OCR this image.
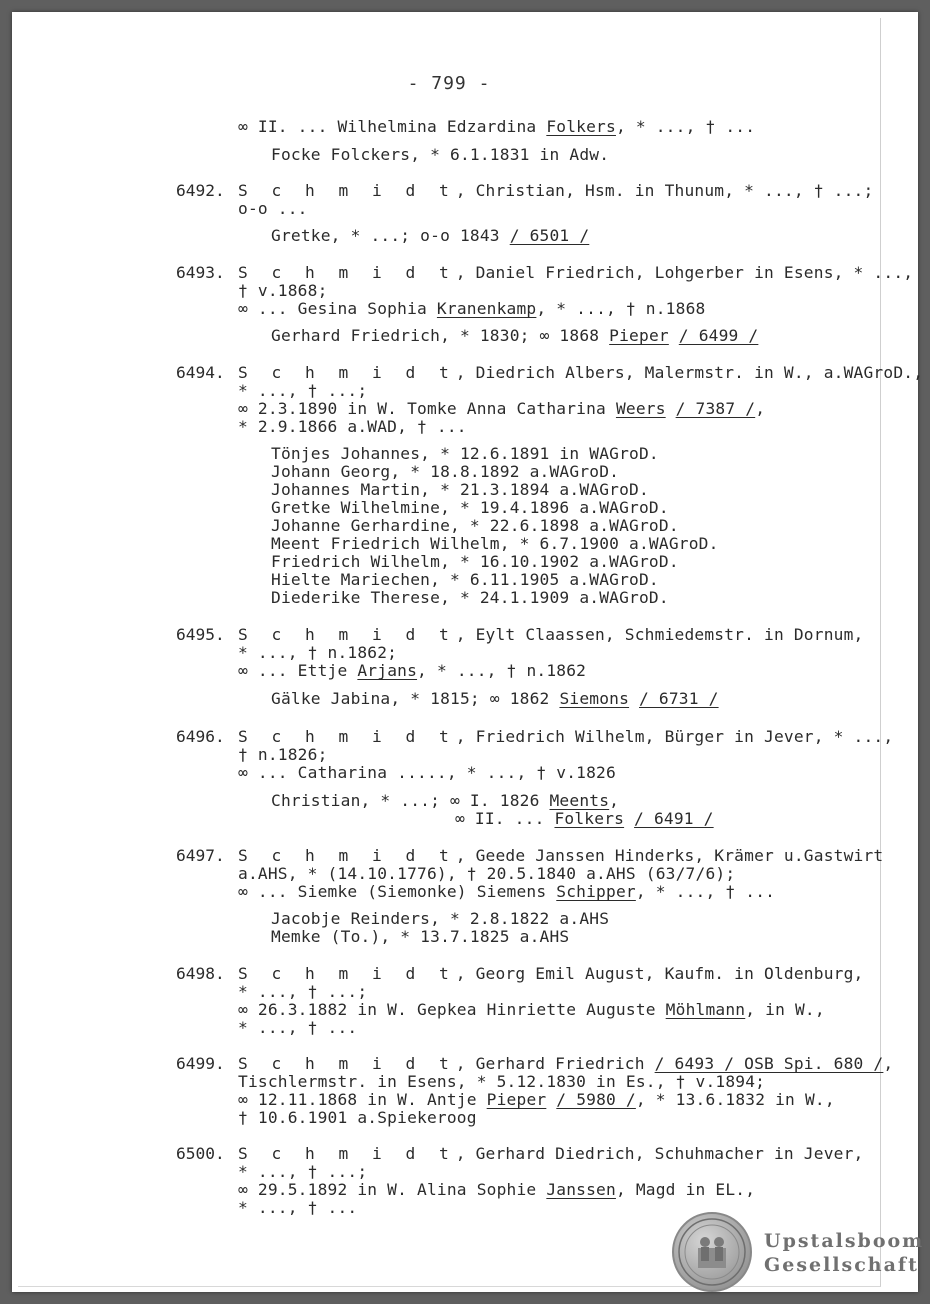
- 799 -
∞ II. ... Wilhelmina Edzardina Folkers, * ..., † ...
Focke Folckers, * 6.1.1831 in Adw.
6492. S c h m i d t, Christian, Hsm. in Thunum, * ..., † ...;
o-o ...
Gretke, * ...; o-o 1843 / 6501 /
6493. S c h m i d t, Daniel Friedrich, Lohgerber in Esens, * ...,
† v.1868;
∞ ... Gesina Sophia Kranenkamp, * ..., † n.1868
Gerhard Friedrich, * 1830; ∞ 1868 Pieper / 6499 /
6494. S c h m i d t, Diedrich Albers, Malermstr. in W., a.WAGroD.,
* ..., † ...;
∞ 2.3.1890 in W. Tomke Anna Catharina Weers / 7387 /,
* 2.9.1866 a.WAD, † ...
Tönjes Johannes, * 12.6.1891 in WAGroD.
Johann Georg, * 18.8.1892 a.WAGroD.
Johannes Martin, * 21.3.1894 a.WAGroD.
Gretke Wilhelmine, * 19.4.1896 a.WAGroD.
Johanne Gerhardine, * 22.6.1898 a.WAGroD.
Meent Friedrich Wilhelm, * 6.7.1900 a.WAGroD.
Friedrich Wilhelm, * 16.10.1902 a.WAGroD.
Hielte Mariechen, * 6.11.1905 a.WAGroD.
Diederike Therese, * 24.1.1909 a.WAGroD.
6495. S c h m i d t, Eylt Claassen, Schmiedemstr. in Dornum,
* ..., † n.1862;
∞ ... Ettje Arjans, * ..., † n.1862
Gälke Jabina, * 1815; ∞ 1862 Siemons / 6731 /
6496. S c h m i d t, Friedrich Wilhelm, Bürger in Jever, * ...,
† n.1826;
∞ ... Catharina ....., * ..., † v.1826
Christian, * ...; ∞ I. 1826 Meents,
∞ II. ... Folkers / 6491 /
6497. S c h m i d t, Geede Janssen Hinderks, Krämer u.Gastwirt
a.AHS, * (14.10.1776), † 20.5.1840 a.AHS (63/7/6);
∞ ... Siemke (Siemonke) Siemens Schipper, * ..., † ...
Jacobje Reinders, * 2.8.1822 a.AHS
Memke (To.), * 13.7.1825 a.AHS
6498. S c h m i d t, Georg Emil August, Kaufm. in Oldenburg,
* ..., † ...;
∞ 26.3.1882 in W. Gepkea Hinriette Auguste Möhlmann, in W.,
* ..., † ...
6499. S c h m i d t, Gerhard Friedrich / 6493 / OSB Spi. 680 /,
Tischlermstr. in Esens, * 5.12.1830 in Es., † v.1894;
∞ 12.11.1868 in W. Antje Pieper / 5980 /, * 13.6.1832 in W.,
† 10.6.1901 a.Spiekeroog
6500. S c h m i d t, Gerhard Diedrich, Schuhmacher in Jever,
* ..., † ...;
∞ 29.5.1892 in W. Alina Sophie Janssen, Magd in EL.,
* ..., † ...
Upstalsboom
Gesellschaft
